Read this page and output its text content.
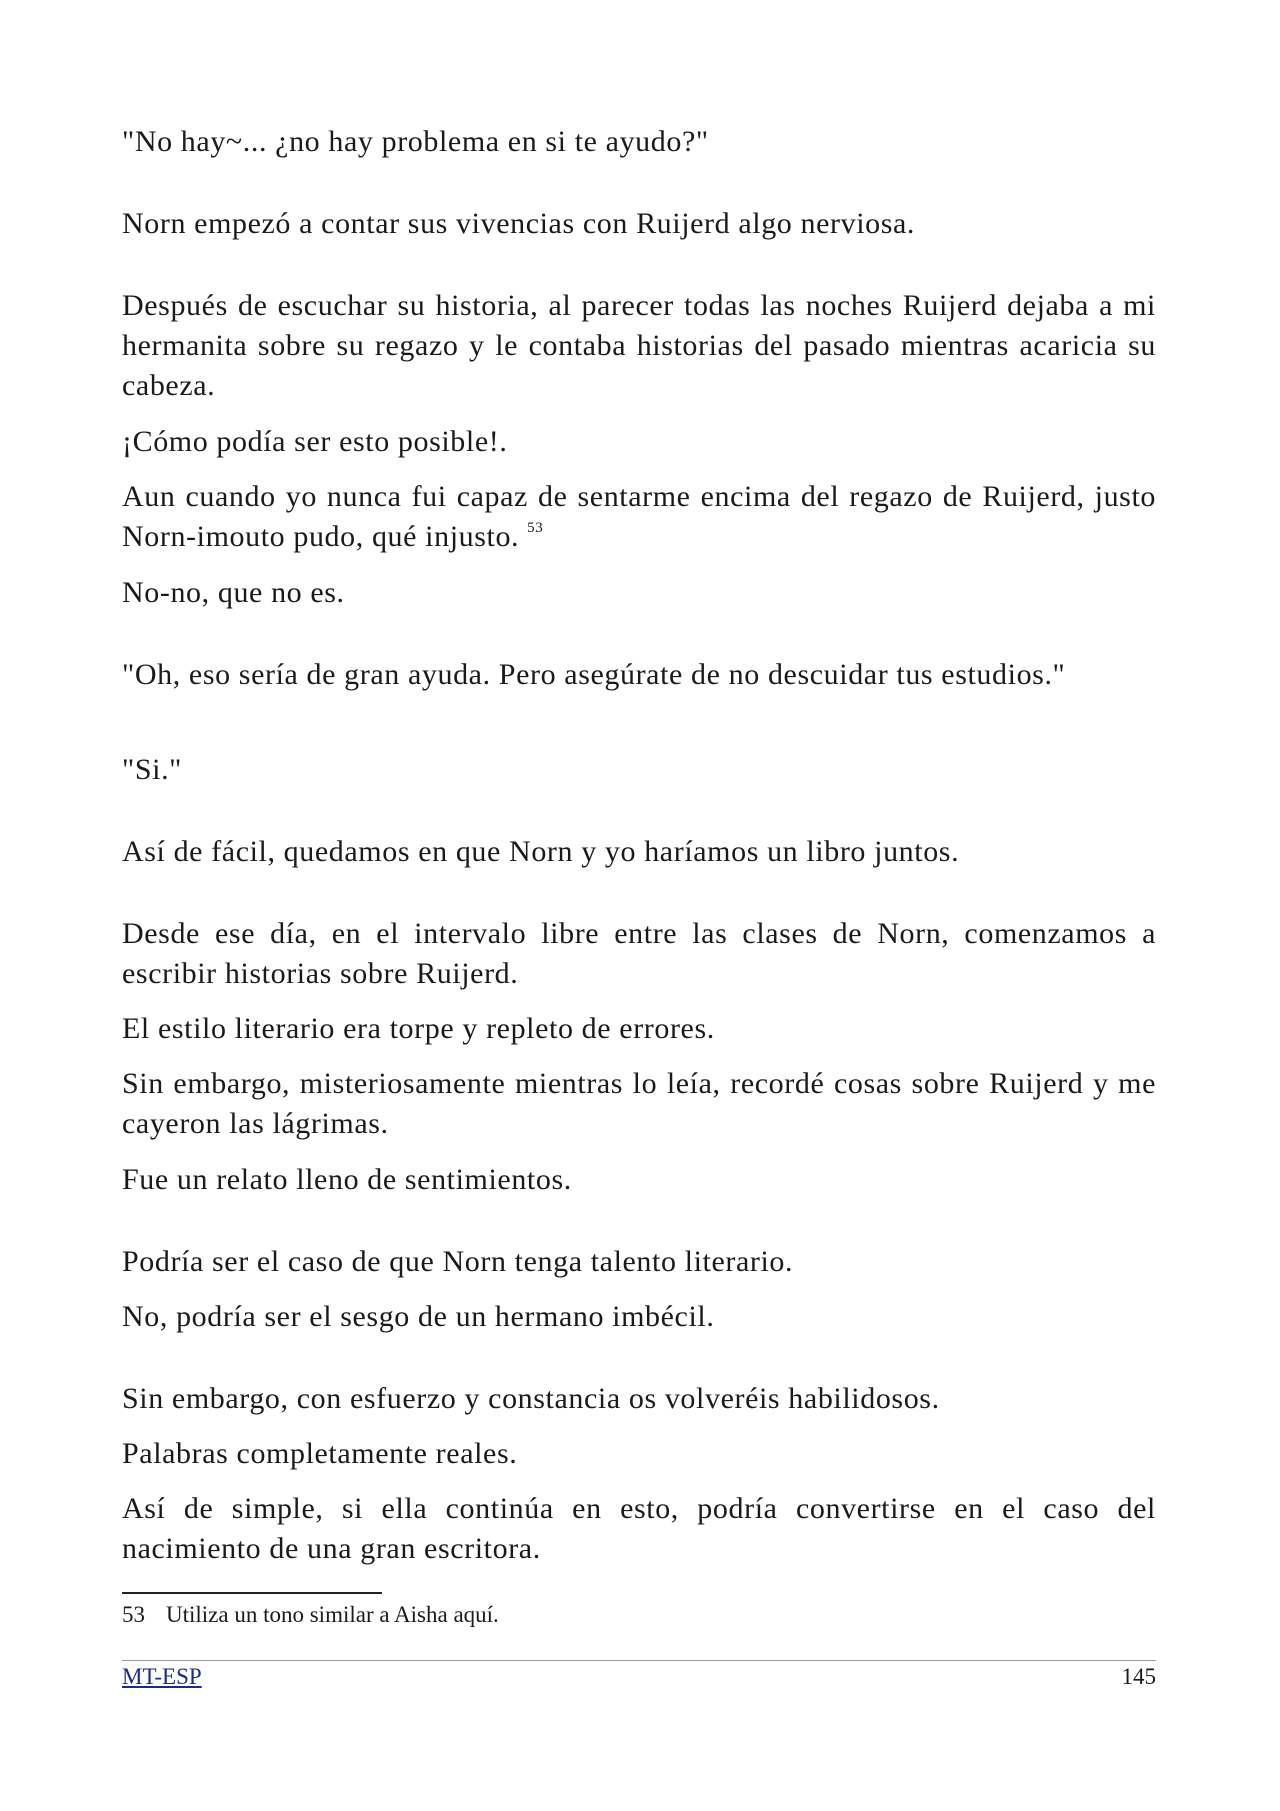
"No hay~... ¿no hay problema en si te ayudo?"

Norn empezó a contar sus vivencias con Ruijerd algo nerviosa.

Después de escuchar su historia, al parecer todas las noches Ruijerd dejaba a mi hermanita sobre su regazo y le contaba historias del pasado mientras acaricia su cabeza.

¡Cómo podía ser esto posible!.

Aun cuando yo nunca fui capaz de sentarme encima del regazo de Ruijerd, justo Norn-imouto pudo, qué injusto. $^{53}$

No-no, que no es.

"Oh, eso sería de gran ayuda. Pero asegúrate de no descuidar tus estudios."

"Si."

Así de fácil, quedamos en que Norn y yo haríamos un libro juntos.

Desde ese día, en el intervalo libre entre las clases de Norn, comenzamos a escribir historias sobre Ruijerd.

El estilo literario era torpe y repleto de errores.

Sin embargo, misteriosamente mientras lo leía, recordé cosas sobre Ruijerd y me cayeron las lágrimas.

Fue un relato lleno de sentimientos.

Podría ser el caso de que Norn tenga talento literario.

No, podría ser el sesgo de un hermano imbécil.

Sin embargo, con esfuerzo y constancia os volveréis habilidosos.

Palabras completamente reales.

Así de simple, si ella continúa en esto, podría convertirse en el caso del nacimiento de una gran escritora.

53 Utiliza un tono similar a Aisha aquí.
MT-ESP	145
